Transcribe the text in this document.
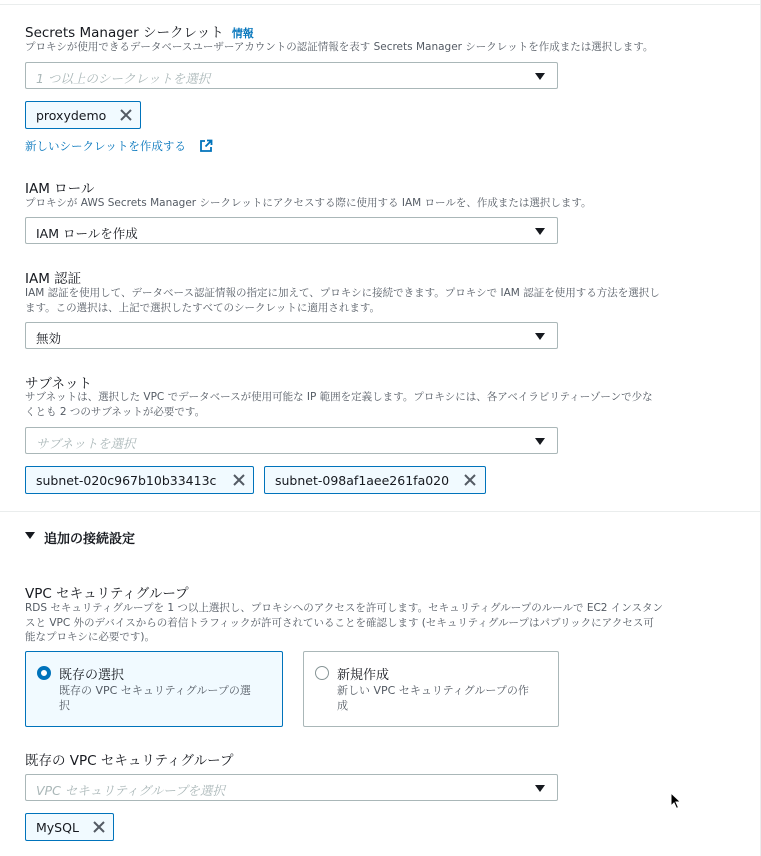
Secrets Manager シークレット 情報
プロキシが使用できるデータベースユーザーアカウントの認証情報を表す Secrets Manager シークレットを作成または選択します。
1 つ以上のシークレットを選択
proxydemo
新しいシークレットを作成する
IAM ロール
プロキシが AWS Secrets Manager シークレットにアクセスする際に使用する IAM ロールを、作成または選択します。
IAM ロールを作成
IAM 認証
IAM 認証を使用して、データベース認証情報の指定に加えて、プロキシに接続できます。プロキシで IAM 認証を使用する方法を選択し
ます。この選択は、上記で選択したすべてのシークレットに適用されます。
無効
サブネット
サブネットは、選択した VPC でデータベースが使用可能な IP 範囲を定義します。プロキシには、各アベイラビリティーゾーンで少な
くとも 2 つのサブネットが必要です。
サブネットを選択
subnet-020c967b10b33413c	subnet-098af1aee261fa020
追加の接続設定
VPC セキュリティグループ
RDS セキュリティグループを 1 つ以上選択し、プロキシへのアクセスを許可します。セキュリティグループのルールで EC2 インスタン
スと VPC 外のデバイスからの着信トラフィックが許可されていることを確認します (セキュリティグループはパブリックにアクセス可
能なプロキシに必要です)。
既存の選択
既存の VPC セキュリティグループの選択
新規作成
新しい VPC セキュリティグループの作成
既存の VPC セキュリティグループ
VPC セキュリティグループを選択
MySQL
